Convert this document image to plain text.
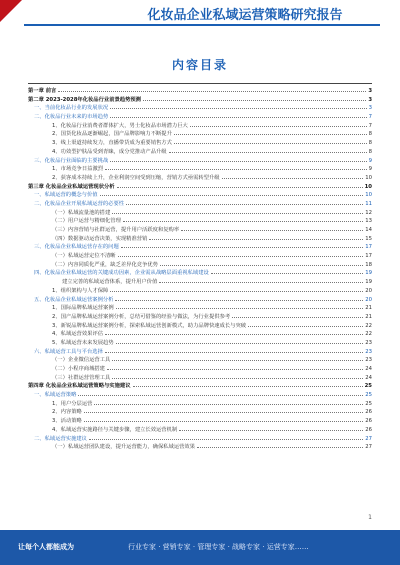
化妆品企业私域运营策略研究报告
内容目录
第一章 前言	3
第二章 2023-2028年化妆品行业前景趋势预测	3
一、当前化妆品行业的发展状况	3
二、化妆品行业未来的市场趋势	7
1、化妆品行业消费者群体扩大，男士化妆品市场潜力巨大	7
2、国货化妆品逐渐崛起，国产品牌影响力不断提升	8
3、线上渠道持续发力，直播带货成为重要销售方式	8
4、功效型护肤品受到青睐，成分党推动产品升级	8
三、化妆品行业面临的主要挑战	9
1、市场竞争日益激烈	9
2、获客成本持续上升，企业利润空间受到压缩，营销方式亟需转型升级	10
第三章 化妆品企业私域运营现状分析	10
一、私域运营的概念与价值	10
二、化妆品企业开展私域运营的必要性	11
（一）私域流量池的搭建	12
（二）用户运营与精细化管理	13
（三）内容营销与社群运营，提升用户活跃度和复购率	14
（四）数据驱动运营决策，实现精准营销	15
三、化妆品企业私域运营存在的问题	17
（一）私域运营定位不清晰	17
（二）内容同质化严重，缺乏差异化竞争优势	18
四、化妆品企业私域运营的关键成功因素，企业需从战略层面重视私域建设	19
建立完善的私域运营体系，提升用户价值	19
1、组织架构与人才保障	20
五、化妆品企业私域运营案例分析	20
1、国际品牌私域运营案例	21
2、国产品牌私域运营案例分析，总结可借鉴的经验与做法，为行业提供参考	21
3、新锐品牌私域运营案例分析，探索私域运营创新模式，助力品牌快速成长与突破	22
4、私域运营效果评估	22
5、私域运营未来发展趋势	23
六、私域运营工具与平台选择	23
（一）企业微信运营工具	23
（二）小程序商城搭建	24
（三）社群运营管理工具	24
第四章 化妆品企业私域运营策略与实施建议	25
一、私域运营策略	25
1、用户分层运营	25
2、内容策略	26
3、活动策略	26
4、私域运营实施路径与关键步骤，建立长效运营机制	26
二、私域运营实施建议	27
（一）私域运营团队建设，提升运营能力，确保私域运营效果	27
1
让每个人都能成为	行业专家 · 营销专家 · 管理专家 · 战略专家 · 运营专家……
